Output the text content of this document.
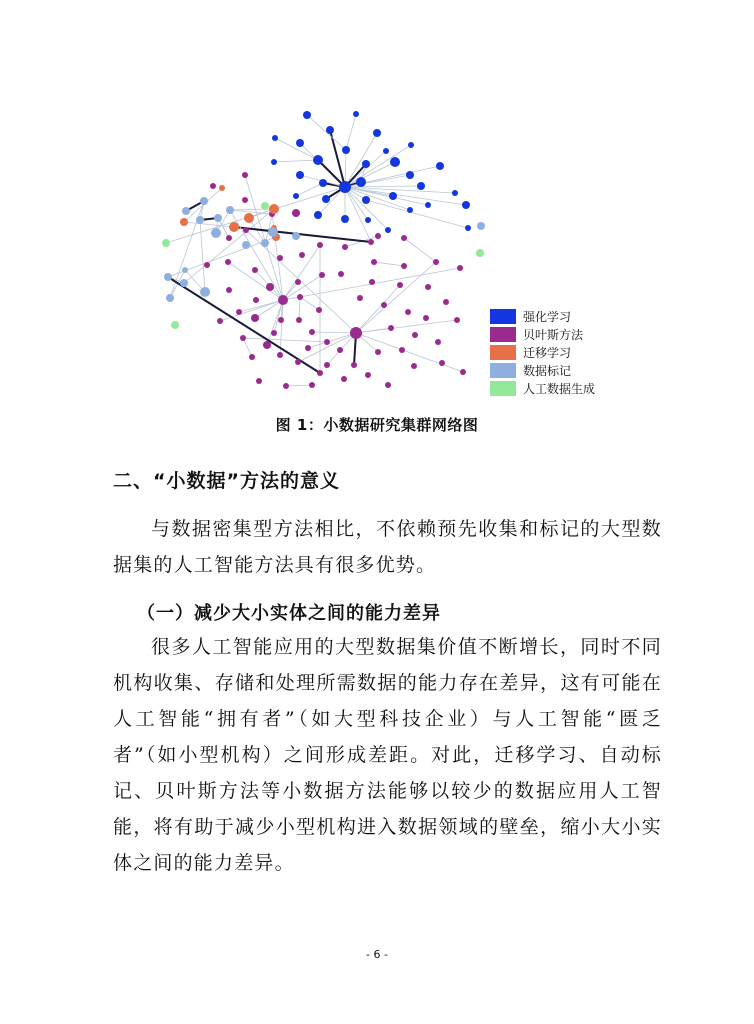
强化学习
贝叶斯方法
迁移学习
数据标记
人工数据生成
图 1：小数据研究集群网络图
二、“小数据”方法的意义
与数据密集型方法相比，不依赖预先收集和标记的大型数据集的人工智能方法具有很多优势。
（一）减少大小实体之间的能力差异
很多人工智能应用的大型数据集价值不断增长，同时不同机构收集、存储和处理所需数据的能力存在差异，这有可能在人工智能“拥有者”（如大型科技企业）与人工智能“匮乏者”（如小型机构）之间形成差距。对此，迁移学习、自动标记、贝叶斯方法等小数据方法能够以较少的数据应用人工智能，将有助于减少小型机构进入数据领域的壁垒，缩小大小实体之间的能力差异。
- 6 -
